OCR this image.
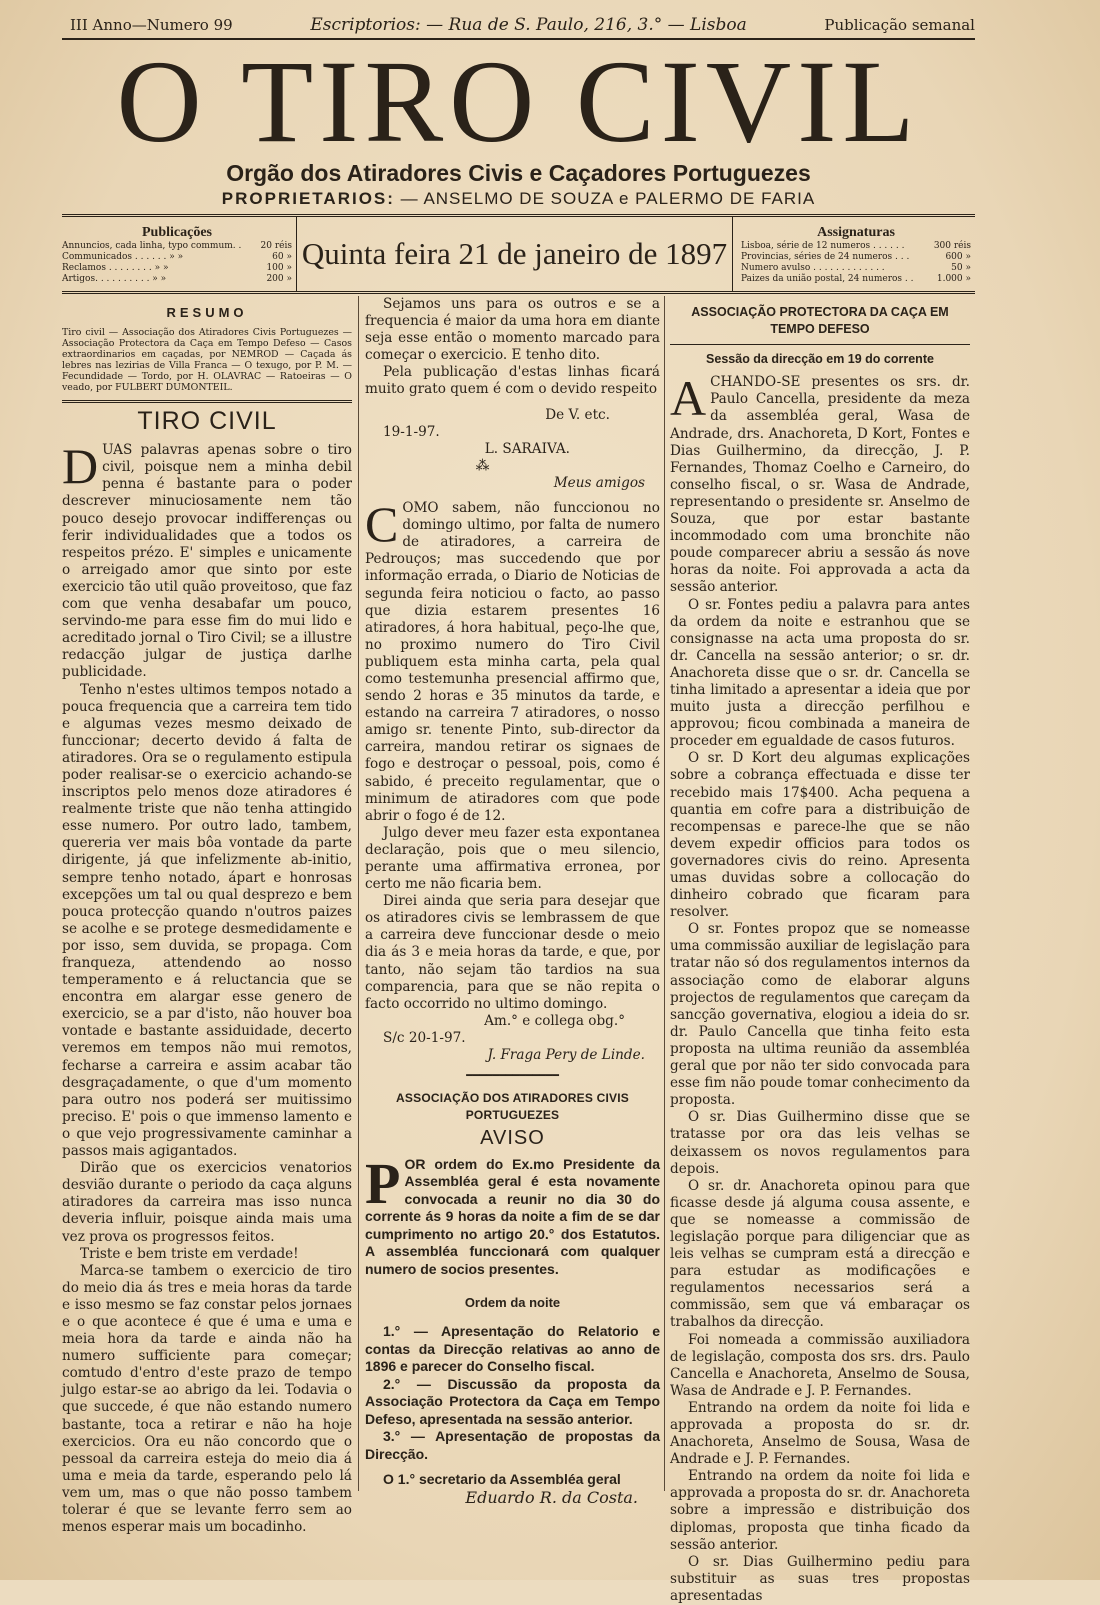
III Anno—Numero 99	Escriptorios: — Rua de S. Paulo, 216, 3.° — Lisboa	Publicação semanal
O TIRO CIVIL
Orgão dos Atiradores Civis e Caçadores Portuguezes
PROPRIETARIOS: — ANSELMO DE SOUZA e PALERMO DE FARIA
Publicações
Annuncios, cada linha, typo commum. . 20 réis
Communicados . . . . . . » »	60 »
Reclamos . . . . . . . . » »	100 »
Artigos. . . . . . . . . . » »	200 »
Quinta feira 21 de janeiro de 1897
Assignaturas
Lisboa, série de 12 numeros . . . . . .	300 réis
Provincias, séries de 24 numeros . . .	600 »
Numero avulso . . . . . . . . . . . . .	50 »
Paizes da união postal, 24 numeros . .	1.000 »
RESUMO
Tiro civil — Associação dos Atiradores Civis Portuguezes — Associação Protectora da Caça em Tempo Defeso — Casos extraordinarios em caçadas, por NEMROD — Caçada ás lebres nas lezirias de Villa Franca — O texugo, por P. M. — Fecundidade — Tordo, por H. OLAVRAC — Ratoeiras — O veado, por FULBERT DUMONTEIL.
TIRO CIVIL

DUAS palavras apenas sobre o tiro civil, poisque nem a minha debil penna é bastante para o poder descrever minuciosamente nem tão pouco desejo provocar indifferenças ou ferir individualidades que a todos os respeitos prézo. E' simples e unicamente o arreigado amor que sinto por este exercicio tão util quão proveitoso, que faz com que venha desabafar um pouco, servindo-me para esse fim do mui lido e acreditado jornal o Tiro Civil; se a illustre redacção julgar de justiça darlhe publicidade.

Tenho n'estes ultimos tempos notado a pouca frequencia que a carreira tem tido e algumas vezes mesmo deixado de funccionar; decerto devido á falta de atiradores. Ora se o regulamento estipula poder realisar-se o exercicio achando-se inscriptos pelo menos doze atiradores é realmente triste que não tenha attingido esse numero. Por outro lado, tambem, quereria ver mais bôa vontade da parte dirigente, já que infelizmente ab-initio, sempre tenho notado, ápart e honrosas excepções um tal ou qual desprezo e bem pouca protecção quando n'outros paizes se acolhe e se protege desmedidamente e por isso, sem duvida, se propaga. Com franqueza, attendendo ao nosso temperamento e á reluctancia que se encontra em alargar esse genero de exercicio, se a par d'isto, não houver boa vontade e bastante assiduidade, decerto veremos em tempos não mui remotos, fecharse a carreira e assim acabar tão desgraçadamente, o que d'um momento para outro nos poderá ser muitissimo preciso. E' pois o que immenso lamento e o que vejo progressivamente caminhar a passos mais agigantados.

Dirão que os exercicios venatorios desvião durante o periodo da caça alguns atiradores da carreira mas isso nunca deveria influir, poisque ainda mais uma vez prova os progressos feitos.

Triste e bem triste em verdade!

Marca-se tambem o exercicio de tiro do meio dia ás tres e meia horas da tarde e isso mesmo se faz constar pelos jornaes e o que acontece é que é uma e uma e meia hora da tarde e ainda não ha numero sufficiente para começar; comtudo d'entro d'este prazo de tempo julgo estar-se ao abrigo da lei. Todavia o que succede, é que não estando numero bastante, toca a retirar e não ha hoje exercicios. Ora eu não concordo que o pessoal da carreira esteja do meio dia á uma e meia da tarde, esperando pelo lá vem um, mas o que não posso tambem tolerar é que se levante ferro sem ao menos esperar mais um bocadinho.

Sejamos uns para os outros e se a frequencia é maior da uma hora em diante seja esse então o momento marcado para começar o exercicio. E tenho dito.

Pela publicação d'estas linhas ficará muito grato quem é com o devido respeito

De V. etc.
19-1-97.
L. SARAIVA.
⁂
Meus amigos

COMO sabem, não funccionou no domingo ultimo, por falta de numero de atiradores, a carreira de Pedrouços; mas succedendo que por informação errada, o Diario de Noticias de segunda feira noticiou o facto, ao passo que dizia estarem presentes 16 atiradores, á hora habitual, peço-lhe que, no proximo numero do Tiro Civil publiquem esta minha carta, pela qual como testemunha presencial affirmo que, sendo 2 horas e 35 minutos da tarde, e estando na carreira 7 atiradores, o nosso amigo sr. tenente Pinto, sub-director da carreira, mandou retirar os signaes de fogo e destroçar o pessoal, pois, como é sabido, é preceito regulamentar, que o minimum de atiradores com que pode abrir o fogo é de 12.

Julgo dever meu fazer esta expontanea declaração, pois que o meu silencio, perante uma affirmativa erronea, por certo me não ficaria bem.

Direi ainda que seria para desejar que os atiradores civis se lembrassem de que a carreira deve funccionar desde o meio dia ás 3 e meia horas da tarde, e que, por tanto, não sejam tão tardios na sua comparencia, para que se não repita o facto occorrido no ultimo domingo.

Am.° e collega obg.°
S/c 20-1-97.
J. Fraga Pery de Linde.
━━━━━━━━━━━━━━
ASSOCIAÇÃO DOS ATIRADORES CIVIS PORTUGUEZES
AVISO

POR ordem do Ex.mo Presidente da Assembléa geral é esta novamente convocada a reunir no dia 30 do corrente ás 9 horas da noite a fim de se dar cumprimento no artigo 20.° dos Estatutos. A assembléa funccionará com qualquer numero de socios presentes.

Ordem da noite

1.° — Apresentação do Relatorio e contas da Direcção relativas ao anno de 1896 e parecer do Conselho fiscal.

2.° — Discussão da proposta da Associação Protectora da Caça em Tempo Defeso, apresentada na sessão anterior.

3.° — Apresentação de propostas da Direcção.

O 1.° secretario da Assembléa geral
Eduardo R. da Costa.
ASSOCIAÇÃO PROTECTORA DA CAÇA EM TEMPO DEFESO
Sessão da direcção em 19 do corrente

ACHANDO-SE presentes os srs. dr. Paulo Cancella, presidente da meza da assembléa geral, Wasa de Andrade, drs. Anachoreta, D Kort, Fontes e Dias Guilhermino, da direcção, J. P. Fernandes, Thomaz Coelho e Carneiro, do conselho fiscal, o sr. Wasa de Andrade, representando o presidente sr. Anselmo de Souza, que por estar bastante incommodado com uma bronchite não poude comparecer abriu a sessão ás nove horas da noite. Foi approvada a acta da sessão anterior.

O sr. Fontes pediu a palavra para antes da ordem da noite e estranhou que se consignasse na acta uma proposta do sr. dr. Cancella na sessão anterior; o sr. dr. Anachoreta disse que o sr. dr. Cancella se tinha limitado a apresentar a ideia que por muito justa a direcção perfilhou e approvou; ficou combinada a maneira de proceder em egualdade de casos futuros.

O sr. D Kort deu algumas explicações sobre a cobrança effectuada e disse ter recebido mais 17$400. Acha pequena a quantia em cofre para a distribuição de recompensas e parece-lhe que se não devem expedir officios para todos os governadores civis do reino. Apresenta umas duvidas sobre a collocação do dinheiro cobrado que ficaram para resolver.

O sr. Fontes propoz que se nomeasse uma commissão auxiliar de legislação para tratar não só dos regulamentos internos da associação como de elaborar alguns projectos de regulamentos que careçam da sancção governativa, elogiou a ideia do sr. dr. Paulo Cancella que tinha feito esta proposta na ultima reunião da assembléa geral que por não ter sido convocada para esse fim não poude tomar conhecimento da proposta.

O sr. Dias Guilhermino disse que se tratasse por ora das leis velhas se deixassem os novos regulamentos para depois.

O sr. dr. Anachoreta opinou para que ficasse desde já alguma cousa assente, e que se nomeasse a commissão de legislação porque para diligenciar que as leis velhas se cumpram está a direcção e para estudar as modificações e regulamentos necessarios será a commissão, sem que vá embaraçar os trabalhos da direcção.

Foi nomeada a commissão auxiliadora de legislação, composta dos srs. drs. Paulo Cancella e Anachoreta, Anselmo de Sousa, Wasa de Andrade e J. P. Fernandes.

Entrando na ordem da noite foi lida e approvada a proposta do sr. dr. Anachoreta, Anselmo de Sousa, Wasa de Andrade e J. P. Fernandes.

Entrando na ordem da noite foi lida e approvada a proposta do sr. dr. Anachoreta sobre a impressão e distribuição dos diplomas, proposta que tinha ficado da sessão anterior.

O sr. Dias Guilhermino pediu para substituir as suas tres propostas apresentadas
